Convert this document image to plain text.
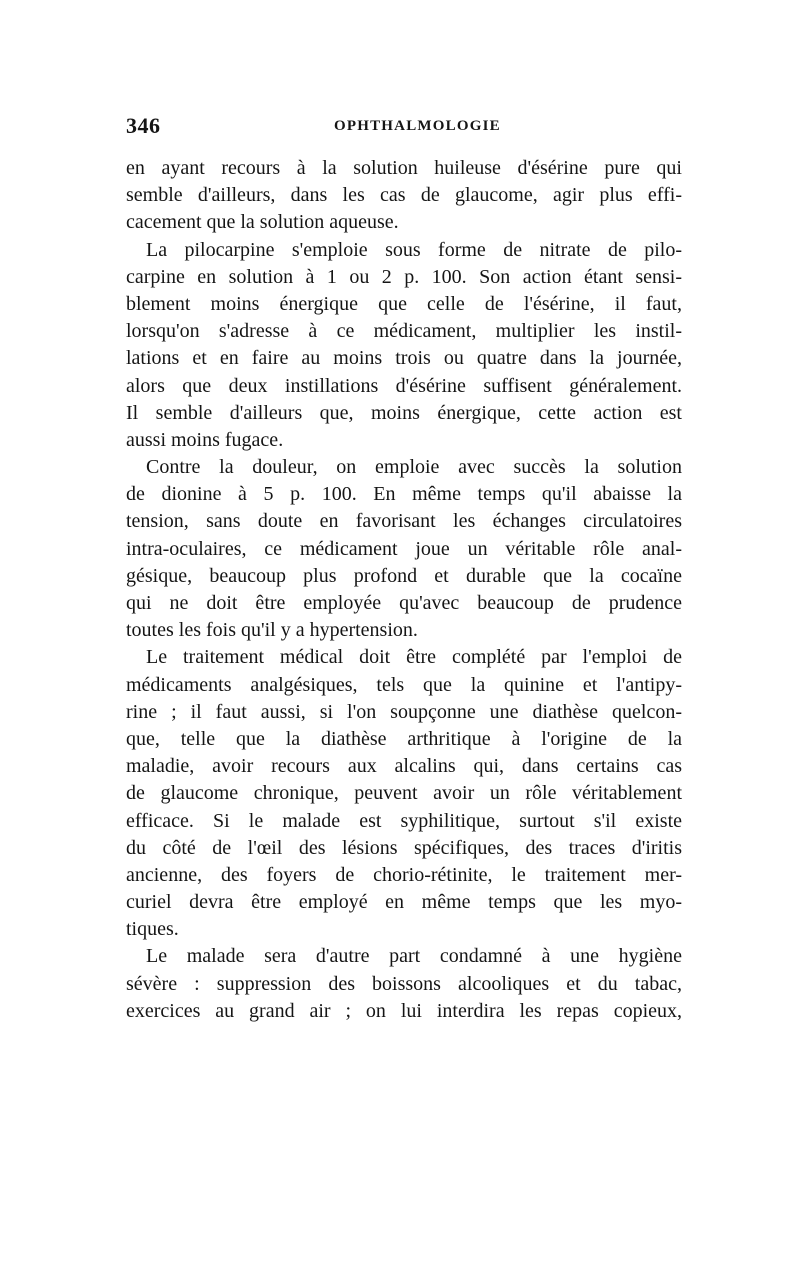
346	OPHTHALMOLOGIE
en ayant recours à la solution huileuse d'ésérine pure qui
semble d'ailleurs, dans les cas de glaucome, agir plus effi-
cacement que la solution aqueuse.
La pilocarpine s'emploie sous forme de nitrate de pilo-
carpine en solution à 1 ou 2 p. 100. Son action étant sensi-
blement moins énergique que celle de l'ésérine, il faut,
lorsqu'on s'adresse à ce médicament, multiplier les instil-
lations et en faire au moins trois ou quatre dans la journée,
alors que deux instillations d'ésérine suffisent généralement.
Il semble d'ailleurs que, moins énergique, cette action est
aussi moins fugace.
Contre la douleur, on emploie avec succès la solution
de dionine à 5 p. 100. En même temps qu'il abaisse la
tension, sans doute en favorisant les échanges circulatoires
intra-oculaires, ce médicament joue un véritable rôle anal-
gésique, beaucoup plus profond et durable que la cocaïne
qui ne doit être employée qu'avec beaucoup de prudence
toutes les fois qu'il y a hypertension.
Le traitement médical doit être complété par l'emploi de
médicaments analgésiques, tels que la quinine et l'antipy-
rine ; il faut aussi, si l'on soupçonne une diathèse quelcon-
que, telle que la diathèse arthritique à l'origine de la
maladie, avoir recours aux alcalins qui, dans certains cas
de glaucome chronique, peuvent avoir un rôle véritablement
efficace. Si le malade est syphilitique, surtout s'il existe
du côté de l'œil des lésions spécifiques, des traces d'iritis
ancienne, des foyers de chorio-rétinite, le traitement mer-
curiel devra être employé en même temps que les myo-
tiques.
Le malade sera d'autre part condamné à une hygiène
sévère : suppression des boissons alcooliques et du tabac,
exercices au grand air ; on lui interdira les repas copieux,
